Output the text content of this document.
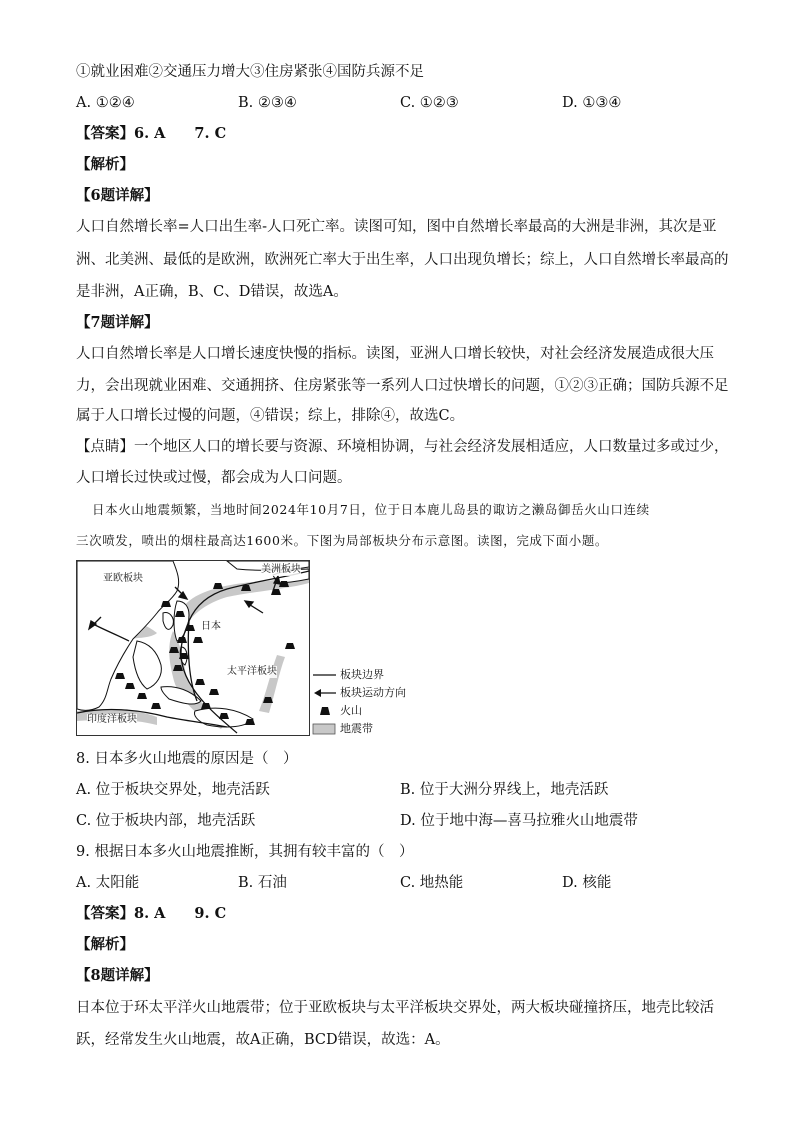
①就业困难②交通压力增大③住房紧张④国防兵源不足
A. ①②④	B. ②③④	C. ①②③	D. ①③④
【答案】6. A　　7. C
【解析】
【6题详解】
人口自然增长率=人口出生率-人口死亡率。读图可知，图中自然增长率最高的大洲是非洲，其次是亚
洲、北美洲、最低的是欧洲，欧洲死亡率大于出生率，人口出现负增长；综上，人口自然增长率最高的
是非洲，A正确，B、C、D错误，故选A。
【7题详解】
人口自然增长率是人口增长速度快慢的指标。读图，亚洲人口增长较快，对社会经济发展造成很大压
力，会出现就业困难、交通拥挤、住房紧张等一系列人口过快增长的问题，①②③正确；国防兵源不足
属于人口增长过慢的问题，④错误；综上，排除④，故选C。
【点睛】一个地区人口的增长要与资源、环境相协调，与社会经济发展相适应，人口数量过多或过少，
人口增长过快或过慢，都会成为人口问题。
日本火山地震频繁，当地时间2024年10月7日，位于日本鹿儿岛县的诹访之濑岛御岳火山口连续
三次喷发，喷出的烟柱最高达1600米。下图为局部板块分布示意图。读图，完成下面小题。
亚欧板块
美洲板块
日本
太平洋板块
印度洋板块
板块边界
板块运动方向
火山
地震带
8. 日本多火山地震的原因是（　）
A. 位于板块交界处，地壳活跃	B. 位于大洲分界线上，地壳活跃
C. 位于板块内部，地壳活跃	D. 位于地中海—喜马拉雅火山地震带
9. 根据日本多火山地震推断，其拥有较丰富的（　）
A. 太阳能	B. 石油	C. 地热能	D. 核能
【答案】8. A　　9. C
【解析】
【8题详解】
日本位于环太平洋火山地震带；位于亚欧板块与太平洋板块交界处，两大板块碰撞挤压，地壳比较活
跃，经常发生火山地震，故A正确，BCD错误，故选：A。
